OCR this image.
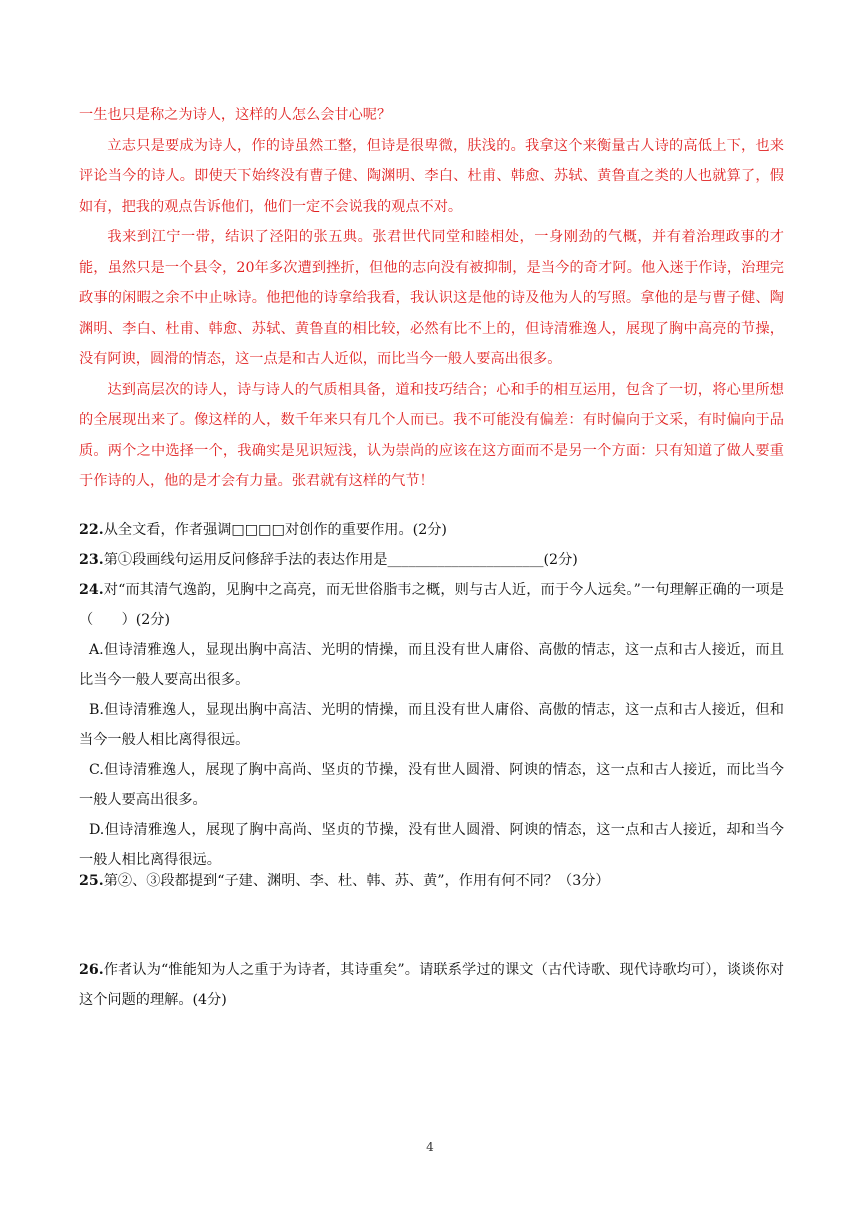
一生也只是称之为诗人，这样的人怎么会甘心呢？

立志只是要成为诗人，作的诗虽然工整，但诗是很卑微，肤浅的。我拿这个来衡量古人诗的高低上下，也来评论当今的诗人。即使天下始终没有曹子健、陶渊明、李白、杜甫、韩愈、苏轼、黄鲁直之类的人也就算了，假如有，把我的观点告诉他们，他们一定不会说我的观点不对。

我来到江宁一带，结识了泾阳的张五典。张君世代同堂和睦相处，一身刚劲的气概，并有着治理政事的才能，虽然只是一个县令，20年多次遭到挫折，但他的志向没有被抑制，是当今的奇才阿。他入迷于作诗，治理完政事的闲暇之余不中止咏诗。他把他的诗拿给我看，我认识这是他的诗及他为人的写照。拿他的是与曹子健、陶渊明、李白、杜甫、韩愈、苏轼、黄鲁直的相比较，必然有比不上的，但诗清雅逸人，展现了胸中高亮的节操，没有阿谀，圆滑的情态，这一点是和古人近似，而比当今一般人要高出很多。

达到高层次的诗人，诗与诗人的气质相具备，道和技巧结合；心和手的相互运用，包含了一切，将心里所想的全展现出来了。像这样的人，数千年来只有几个人而已。我不可能没有偏差：有时偏向于文采，有时偏向于品质。两个之中选择一个，我确实是见识短浅，认为崇尚的应该在这方面而不是另一个方面：只有知道了做人要重于作诗的人，他的是才会有力量。张君就有这样的气节！

22.从全文看，作者强调□□□□对创作的重要作用。(2分)

23.第①段画线句运用反问修辞手法的表达作用是______________________(2分)

24.对“而其清气逸韵，见胸中之高亮，而无世俗脂韦之概，则与古人近，而于今人远矣。”一句理解正确的一项是（　　）(2分)

A.但诗清雅逸人，显现出胸中高洁、光明的情操，而且没有世人庸俗、高傲的情志，这一点和古人接近，而且比当今一般人要高出很多。

B.但诗清雅逸人，显现出胸中高洁、光明的情操，而且没有世人庸俗、高傲的情志，这一点和古人接近，但和当今一般人相比离得很远。

C.但诗清雅逸人，展现了胸中高尚、坚贞的节操，没有世人圆滑、阿谀的情态，这一点和古人接近，而比当今一般人要高出很多。

D.但诗清雅逸人，展现了胸中高尚、坚贞的节操，没有世人圆滑、阿谀的情态，这一点和古人接近，却和当今一般人相比离得很远。

25.第②、③段都提到“子建、渊明、李、杜、韩、苏、黄”，作用有何不同？（3分）

26.作者认为“惟能知为人之重于为诗者，其诗重矣”。请联系学过的课文（古代诗歌、现代诗歌均可），谈谈你对这个问题的理解。(4分)

4
